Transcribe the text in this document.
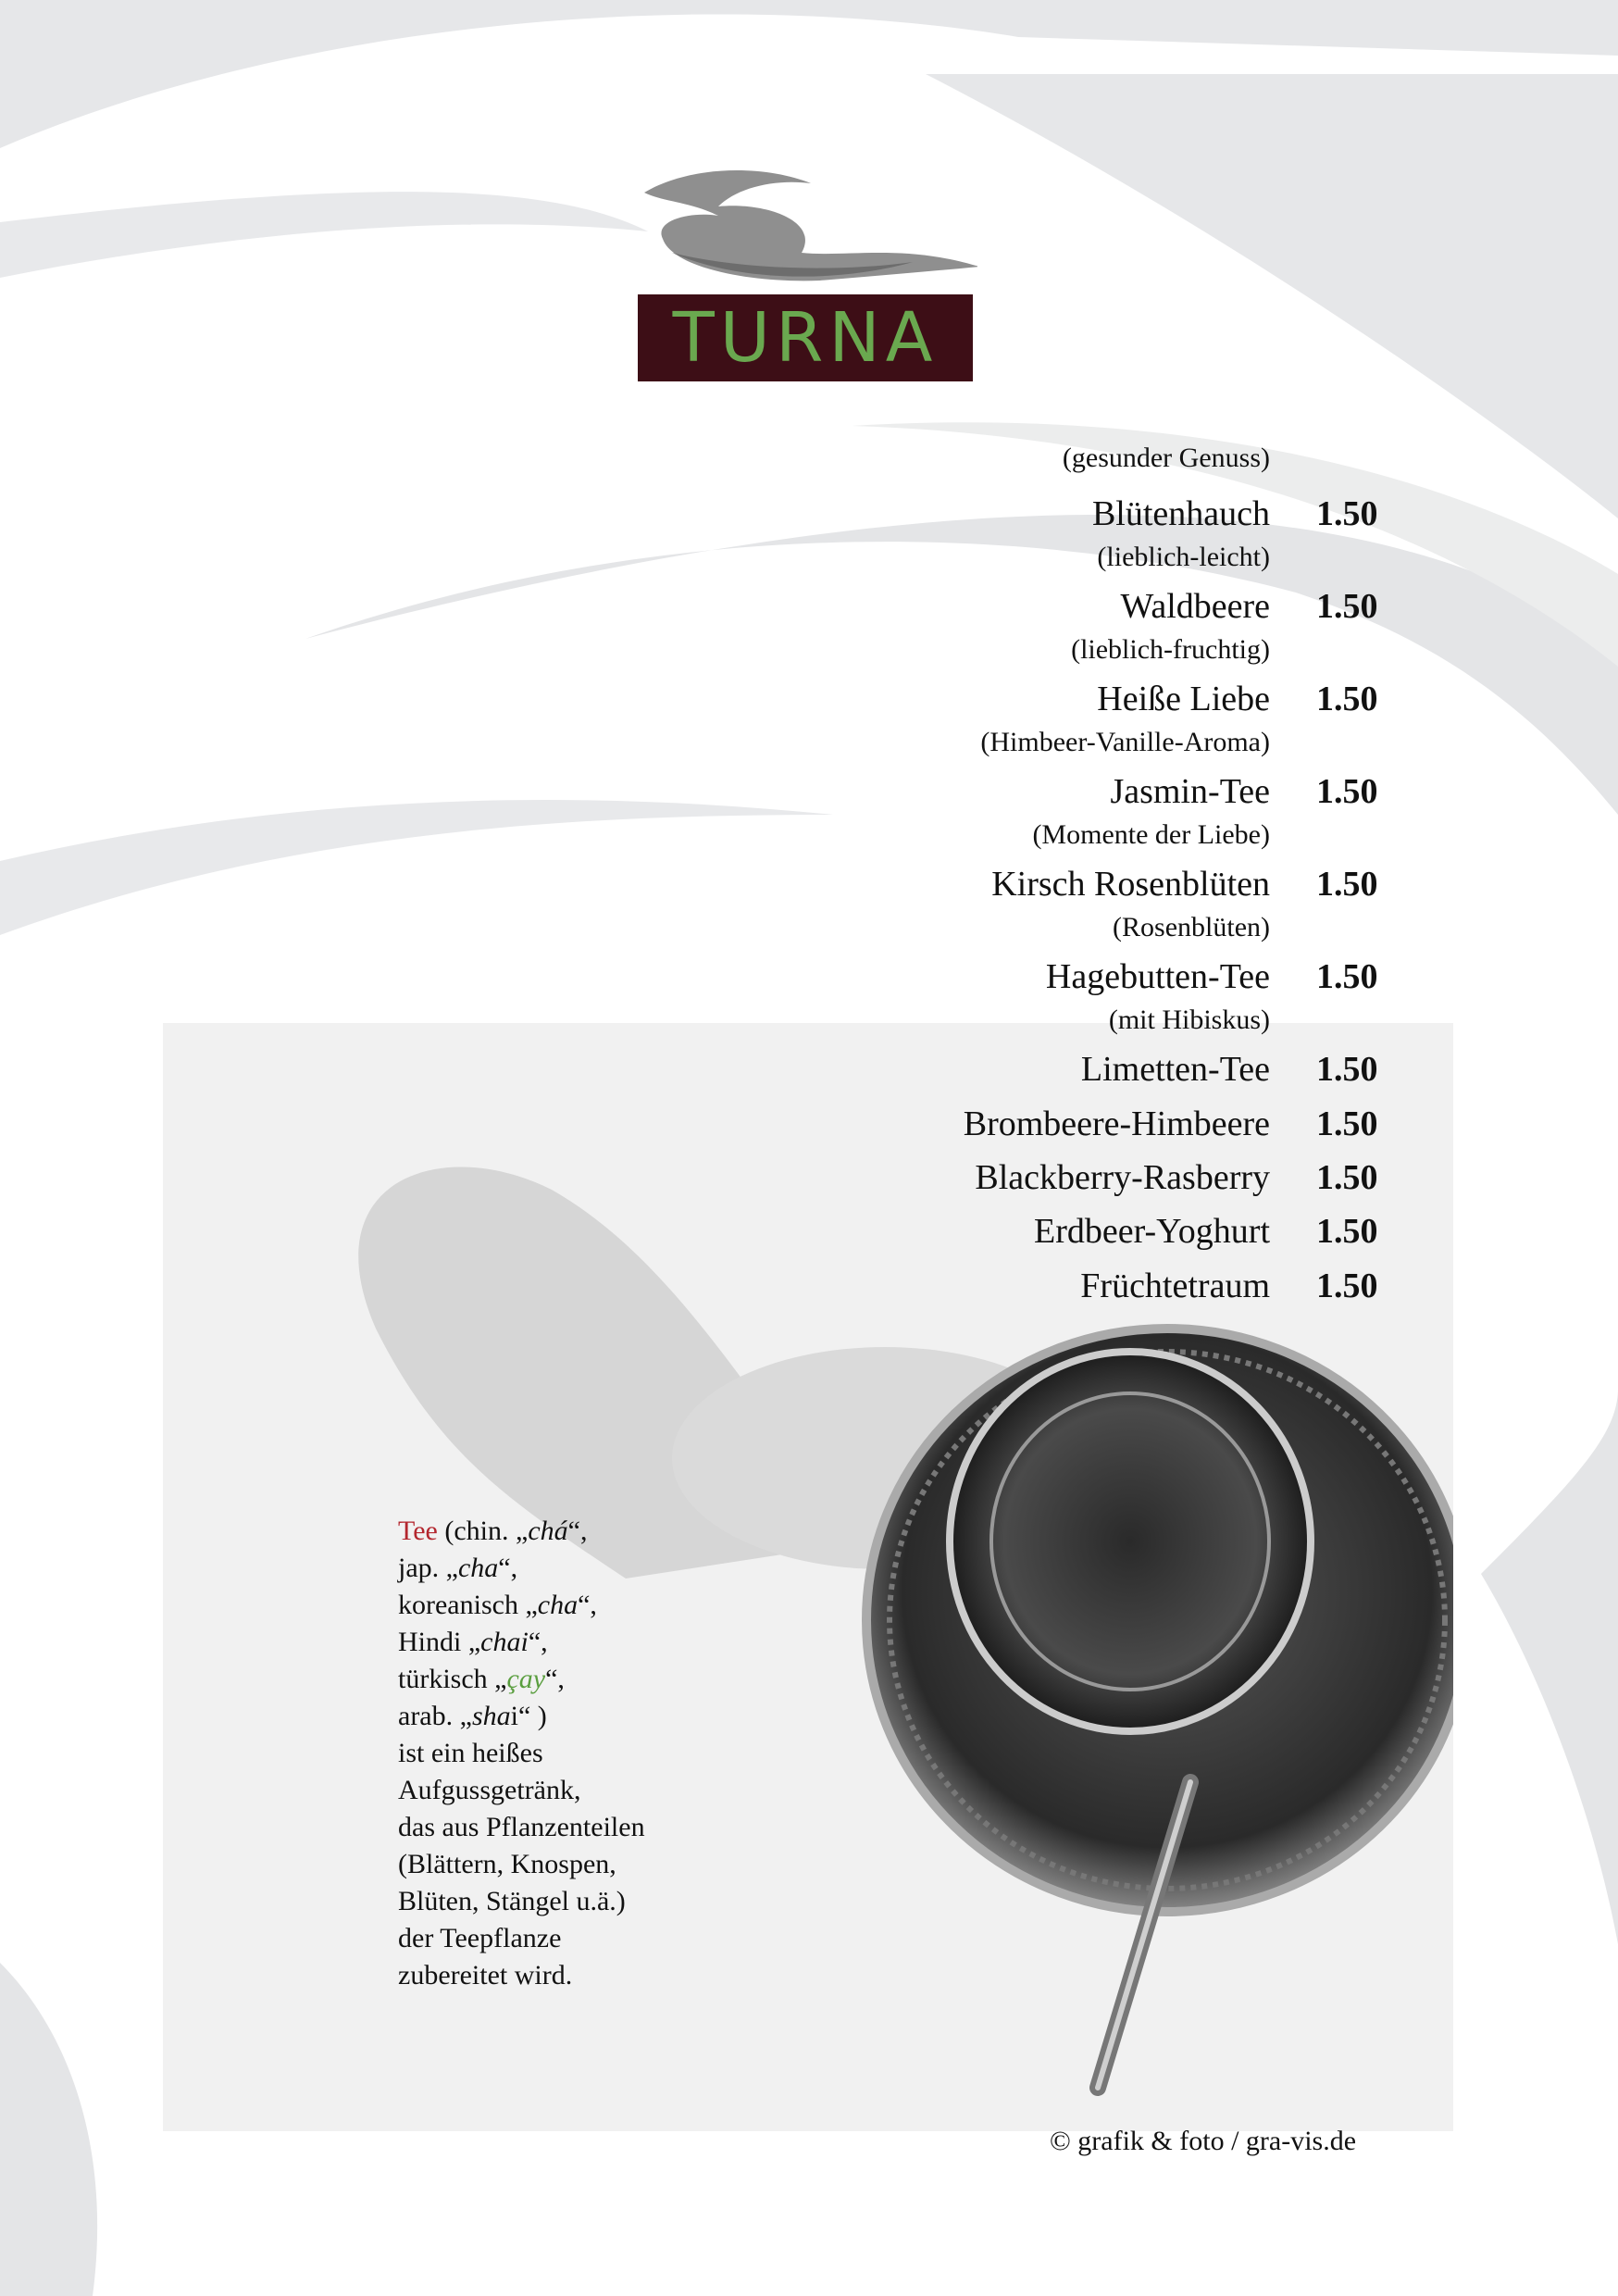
TURNA
(gesunder Genuss)
Blütenhauch
(lieblich-leicht)
1.50
Waldbeere
(lieblich-fruchtig)
1.50
Heiße Liebe
(Himbeer-Vanille-Aroma)
1.50
Jasmin-Tee
(Momente der Liebe)
1.50
Kirsch Rosenblüten
(Rosenblüten)
1.50
Hagebutten-Tee
(mit Hibiskus)
1.50
Limetten-Tee 1.50
Brombeere-Himbeere 1.50
Blackberry-Rasberry 1.50
Erdbeer-Yoghurt 1.50
Früchtetraum 1.50
Tee (chin. „chá“,
jap. „cha“,
koreanisch „cha“,
Hindi „chai“,
türkisch „çay“,
arab. „shai“ )
ist ein heißes
Aufgussgetränk,
das aus Pflanzenteilen
(Blättern, Knospen,
Blüten, Stängel u.ä.)
der Teepflanze
zubereitet wird.
© grafik & foto / gra-vis.de
